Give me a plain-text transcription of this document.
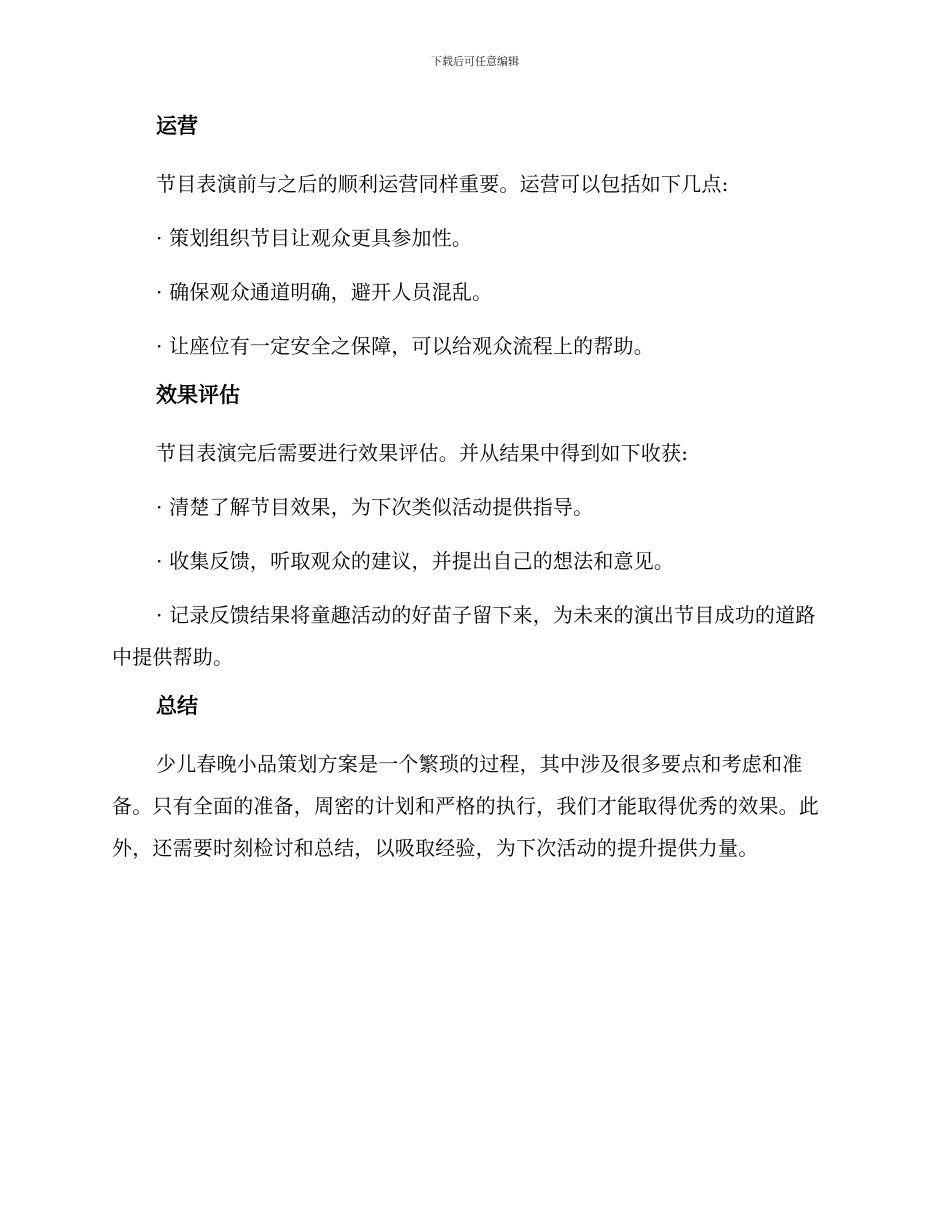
下载后可任意编辑
运营

节目表演前与之后的顺利运营同样重要。运营可以包括如下几点:

· 策划组织节目让观众更具参加性。

· 确保观众通道明确，避开人员混乱。

· 让座位有一定安全之保障，可以给观众流程上的帮助。

效果评估

节目表演完后需要进行效果评估。并从结果中得到如下收获:

· 清楚了解节目效果，为下次类似活动提供指导。

· 收集反馈，听取观众的建议，并提出自己的想法和意见。

· 记录反馈结果将童趣活动的好苗子留下来，为未来的演出节目成功的道路中提供帮助。

总结

少儿春晚小品策划方案是一个繁琐的过程，其中涉及很多要点和考虑和准备。只有全面的准备，周密的计划和严格的执行，我们才能取得优秀的效果。此外，还需要时刻检讨和总结，以吸取经验，为下次活动的提升提供力量。
